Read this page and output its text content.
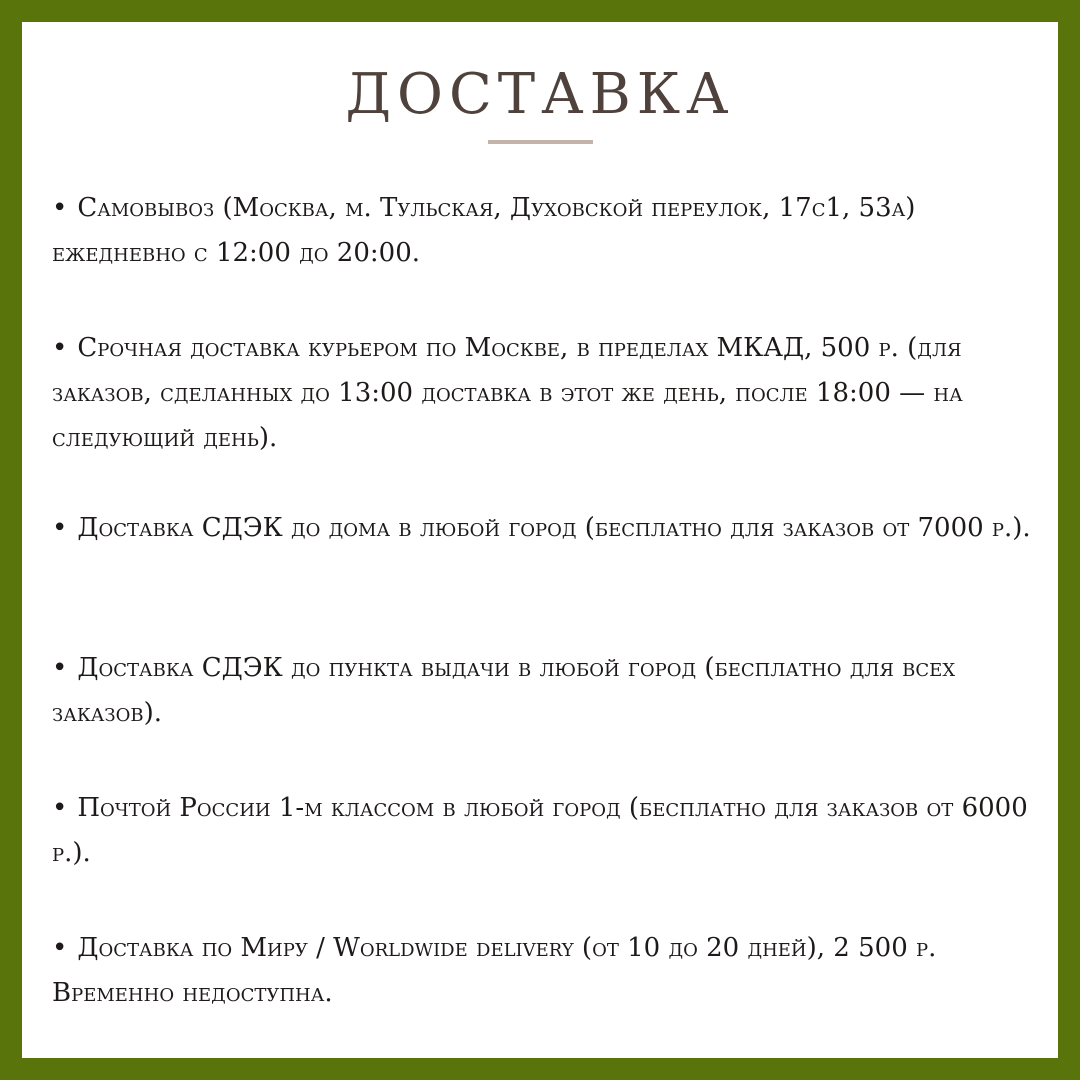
ДОСТАВКА
• Самовывоз (Москва, м. Тульская, Духовской переулок, 17с1, 53а) ежедневно с 12:00 до 20:00.
• Срочная доставка курьером по Москве, в пределах МКАД, 500 р. (для заказов, сделанных до 13:00 доставка в этот же день, после 18:00 — на следующий день).
• Доставка СДЭК до дома в любой город (бесплатно для заказов от 7000 р.).
• Доставка СДЭК до пункта выдачи в любой город (бесплатно для всех заказов).
• Почтой России 1-м классом в любой город (бесплатно для заказов от 6000 р.).
• Доставка по Миру / Worldwide delivery (от 10 до 20 дней), 2 500 р. Временно недоступна.
